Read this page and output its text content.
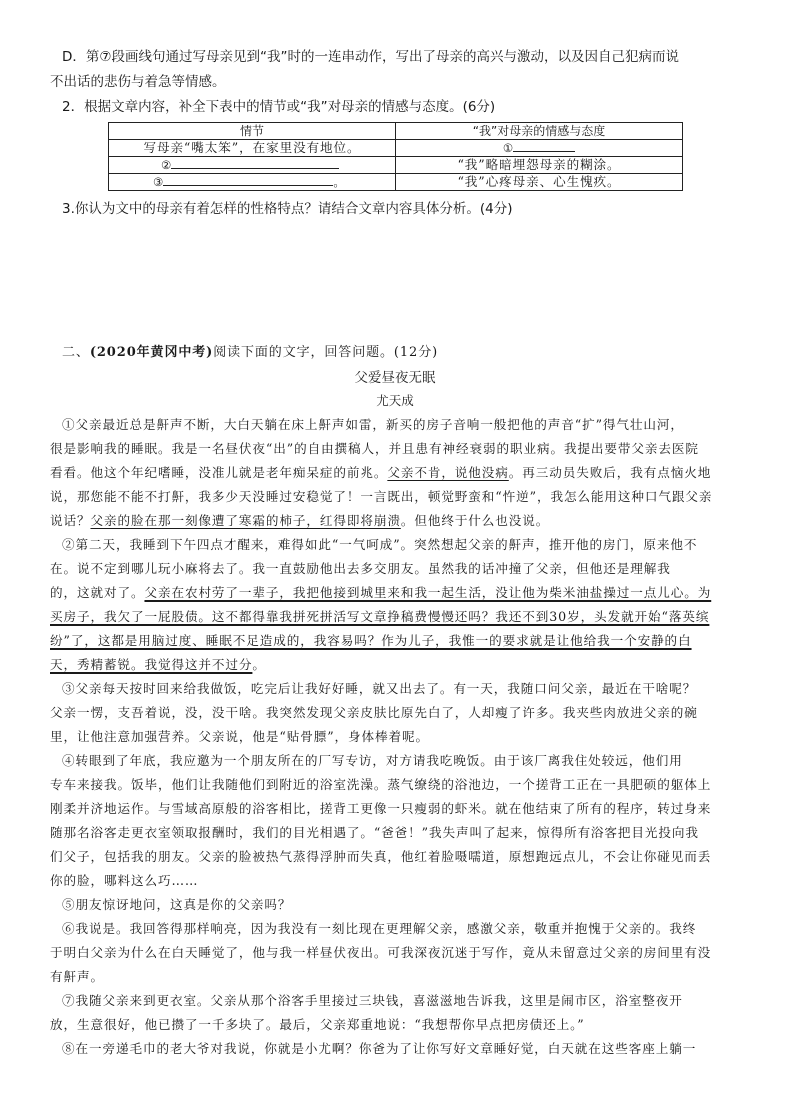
D．第⑦段画线句通过写母亲见到“我”时的一连串动作，写出了母亲的高兴与激动，以及因自己犯病而说
不出话的悲伤与着急等情感。
2．根据文章内容，补全下表中的情节或“我”对母亲的情感与态度。(6分)
情节	“我”对母亲的情感与态度
写母亲“嘴太笨”，在家里没有地位。	①
②	“我”略暗埋怨母亲的糊涂。
③ 。	“我”心疼母亲、心生愧疚。
3.你认为文中的母亲有着怎样的性格特点？请结合文章内容具体分析。(4分)
二、(2020年黄冈中考)阅读下面的文字，回答问题。(12分)
父爱昼夜无眠
尤天成
①父亲最近总是鼾声不断，大白天躺在床上鼾声如雷，新买的房子音响一般把他的声音“扩”得气壮山河，
很是影响我的睡眠。我是一名昼伏夜“出”的自由撰稿人，并且患有神经衰弱的职业病。我提出要带父亲去医院
看看。他这个年纪嗜睡，没准儿就是老年痴呆症的前兆。父亲不肯，说他没病。再三动员失败后，我有点恼火地
说，那您能不能不打鼾，我多少天没睡过安稳觉了！一言既出，顿觉野蛮和“忤逆”，我怎么能用这种口气跟父亲
说话？父亲的脸在那一刻像遭了寒霜的柿子，红得即将崩溃。但他终于什么也没说。
②第二天，我睡到下午四点才醒来，难得如此“一气呵成”。突然想起父亲的鼾声，推开他的房门，原来他不
在。说不定到哪儿玩小麻将去了。我一直鼓励他出去多交朋友。虽然我的话冲撞了父亲，但他还是理解我
的，这就对了。父亲在农村劳了一辈子，我把他接到城里来和我一起生活，没让他为柴米油盐操过一点儿心。为
买房子，我欠了一屁股债。这不都得靠我拼死拼活写文章挣稿费慢慢还吗？我还不到30岁，头发就开始“落英缤
纷”了，这都是用脑过度、睡眠不足造成的，我容易吗？作为儿子，我惟一的要求就是让他给我一个安静的白
天，秀精蓄锐。我觉得这并不过分。
③父亲每天按时回来给我做饭，吃完后让我好好睡，就又出去了。有一天，我随口问父亲，最近在干啥呢？
父亲一愣，支吾着说，没，没干啥。我突然发现父亲皮肤比原先白了，人却瘦了许多。我夹些肉放进父亲的碗
里，让他注意加强营养。父亲说，他是“贴骨膘”，身体棒着呢。
④转眼到了年底，我应邀为一个朋友所在的厂写专访，对方请我吃晚饭。由于该厂离我住处较远，他们用
专车来接我。饭毕，他们让我随他们到附近的浴室洗澡。蒸气缭绕的浴池边，一个搓背工正在一具肥硕的躯体上
刚柔并济地运作。与雪域高原般的浴客相比，搓背工更像一只瘦弱的虾米。就在他结束了所有的程序，转过身来
随那名浴客走更衣室领取报酬时，我们的目光相遇了。“爸爸！”我失声叫了起来，惊得所有浴客把目光投向我
们父子，包括我的朋友。父亲的脸被热气蒸得浮肿而失真，他红着脸嗫嚅道，原想跑远点儿，不会让你碰见而丢
你的脸，哪料这么巧……
⑤朋友惊讶地问，这真是你的父亲吗？
⑥我说是。我回答得那样响亮，因为我没有一刻比现在更理解父亲，感激父亲，敬重并抱愧于父亲的。我终
于明白父亲为什么在白天睡觉了，他与我一样昼伏夜出。可我深夜沉迷于写作，竟从未留意过父亲的房间里有没
有鼾声。
⑦我随父亲来到更衣室。父亲从那个浴客手里接过三块钱，喜滋滋地告诉我，这里是闹市区，浴室整夜开
放，生意很好，他已攒了一千多块了。最后，父亲郑重地说：“我想帮你早点把房债还上。”
⑧在一旁递毛巾的老大爷对我说，你就是小尤啊？你爸为了让你写好文章睡好觉，白天就在这些客座上躺一
